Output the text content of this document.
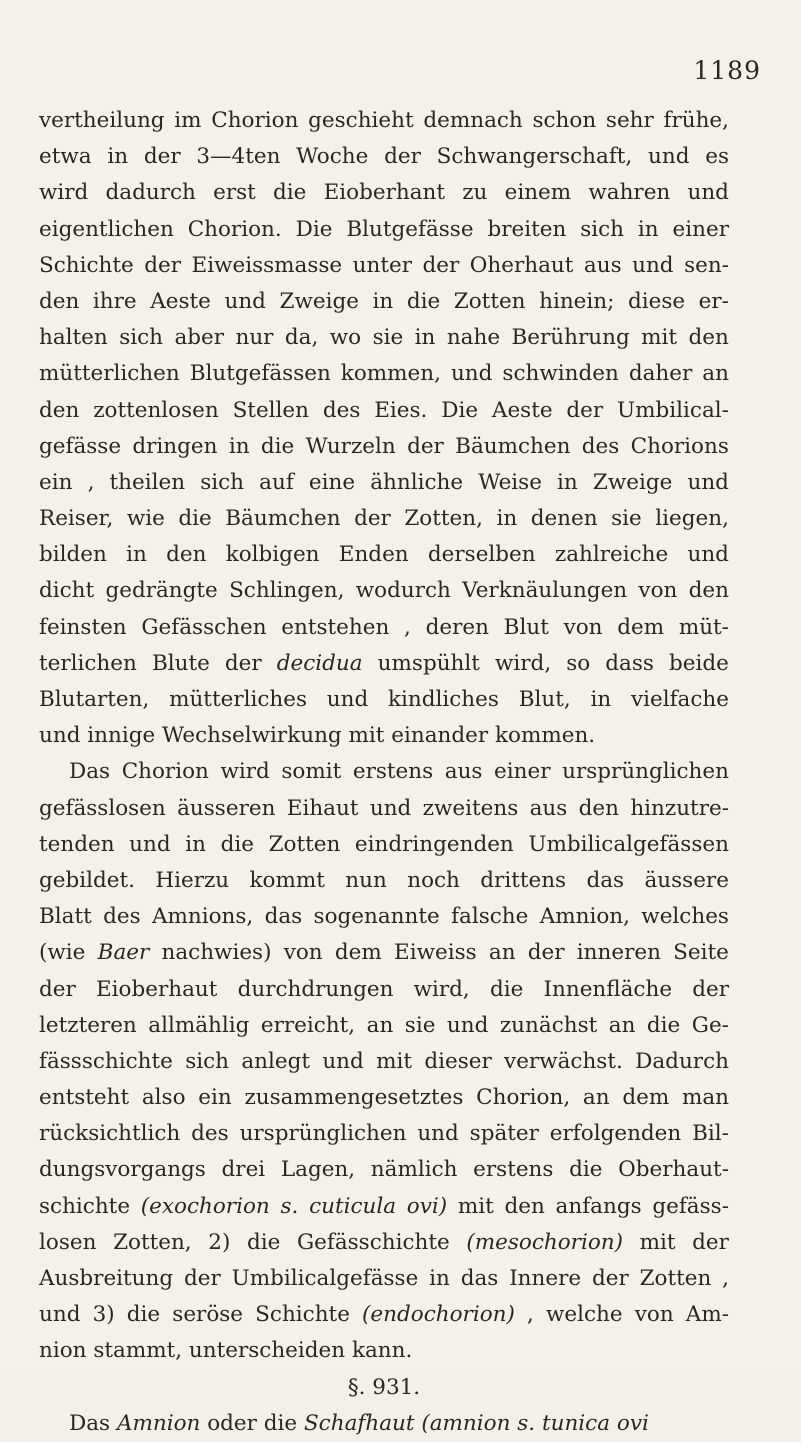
1189
vertheilung im Chorion geschieht demnach schon sehr frühe,
etwa in der 3—4ten Woche der Schwangerschaft, und es
wird dadurch erst die Eioberhant zu einem wahren und
eigentlichen Chorion. Die Blutgefässe breiten sich in einer
Schichte der Eiweissmasse unter der Oherhaut aus und sen-
den ihre Aeste und Zweige in die Zotten hinein; diese er-
halten sich aber nur da, wo sie in nahe Berührung mit den
mütterlichen Blutgefässen kommen, und schwinden daher an
den zottenlosen Stellen des Eies. Die Aeste der Umbilical-
gefässe dringen in die Wurzeln der Bäumchen des Chorions
ein , theilen sich auf eine ähnliche Weise in Zweige und
Reiser, wie die Bäumchen der Zotten, in denen sie liegen,
bilden in den kolbigen Enden derselben zahlreiche und
dicht gedrängte Schlingen, wodurch Verknäulungen von den
feinsten Gefässchen entstehen , deren Blut von dem müt-
terlichen Blute der decidua umspühlt wird, so dass beide
Blutarten, mütterliches und kindliches Blut, in vielfache
und innige Wechselwirkung mit einander kommen.
Das Chorion wird somit erstens aus einer ursprünglichen
gefässlosen äusseren Eihaut und zweitens aus den hinzutre-
tenden und in die Zotten eindringenden Umbilicalgefässen
gebildet. Hierzu kommt nun noch drittens das äussere
Blatt des Amnions, das sogenannte falsche Amnion, welches
(wie Baer nachwies) von dem Eiweiss an der inneren Seite
der Eioberhaut durchdrungen wird, die Innenfläche der
letzteren allmählig erreicht, an sie und zunächst an die Ge-
fässschichte sich anlegt und mit dieser verwächst. Dadurch
entsteht also ein zusammengesetztes Chorion, an dem man
rücksichtlich des ursprünglichen und später erfolgenden Bil-
dungsvorgangs drei Lagen, nämlich erstens die Oberhaut-
schichte (exochorion s. cuticula ovi) mit den anfangs gefäss-
losen Zotten, 2) die Gefässchichte (mesochorion) mit der
Ausbreitung der Umbilicalgefässe in das Innere der Zotten ,
und 3) die seröse Schichte (endochorion) , welche von Am-
nion stammt, unterscheiden kann.
§. 931.
Das Amnion oder die Schafhaut (amnion s. tunica ovi
